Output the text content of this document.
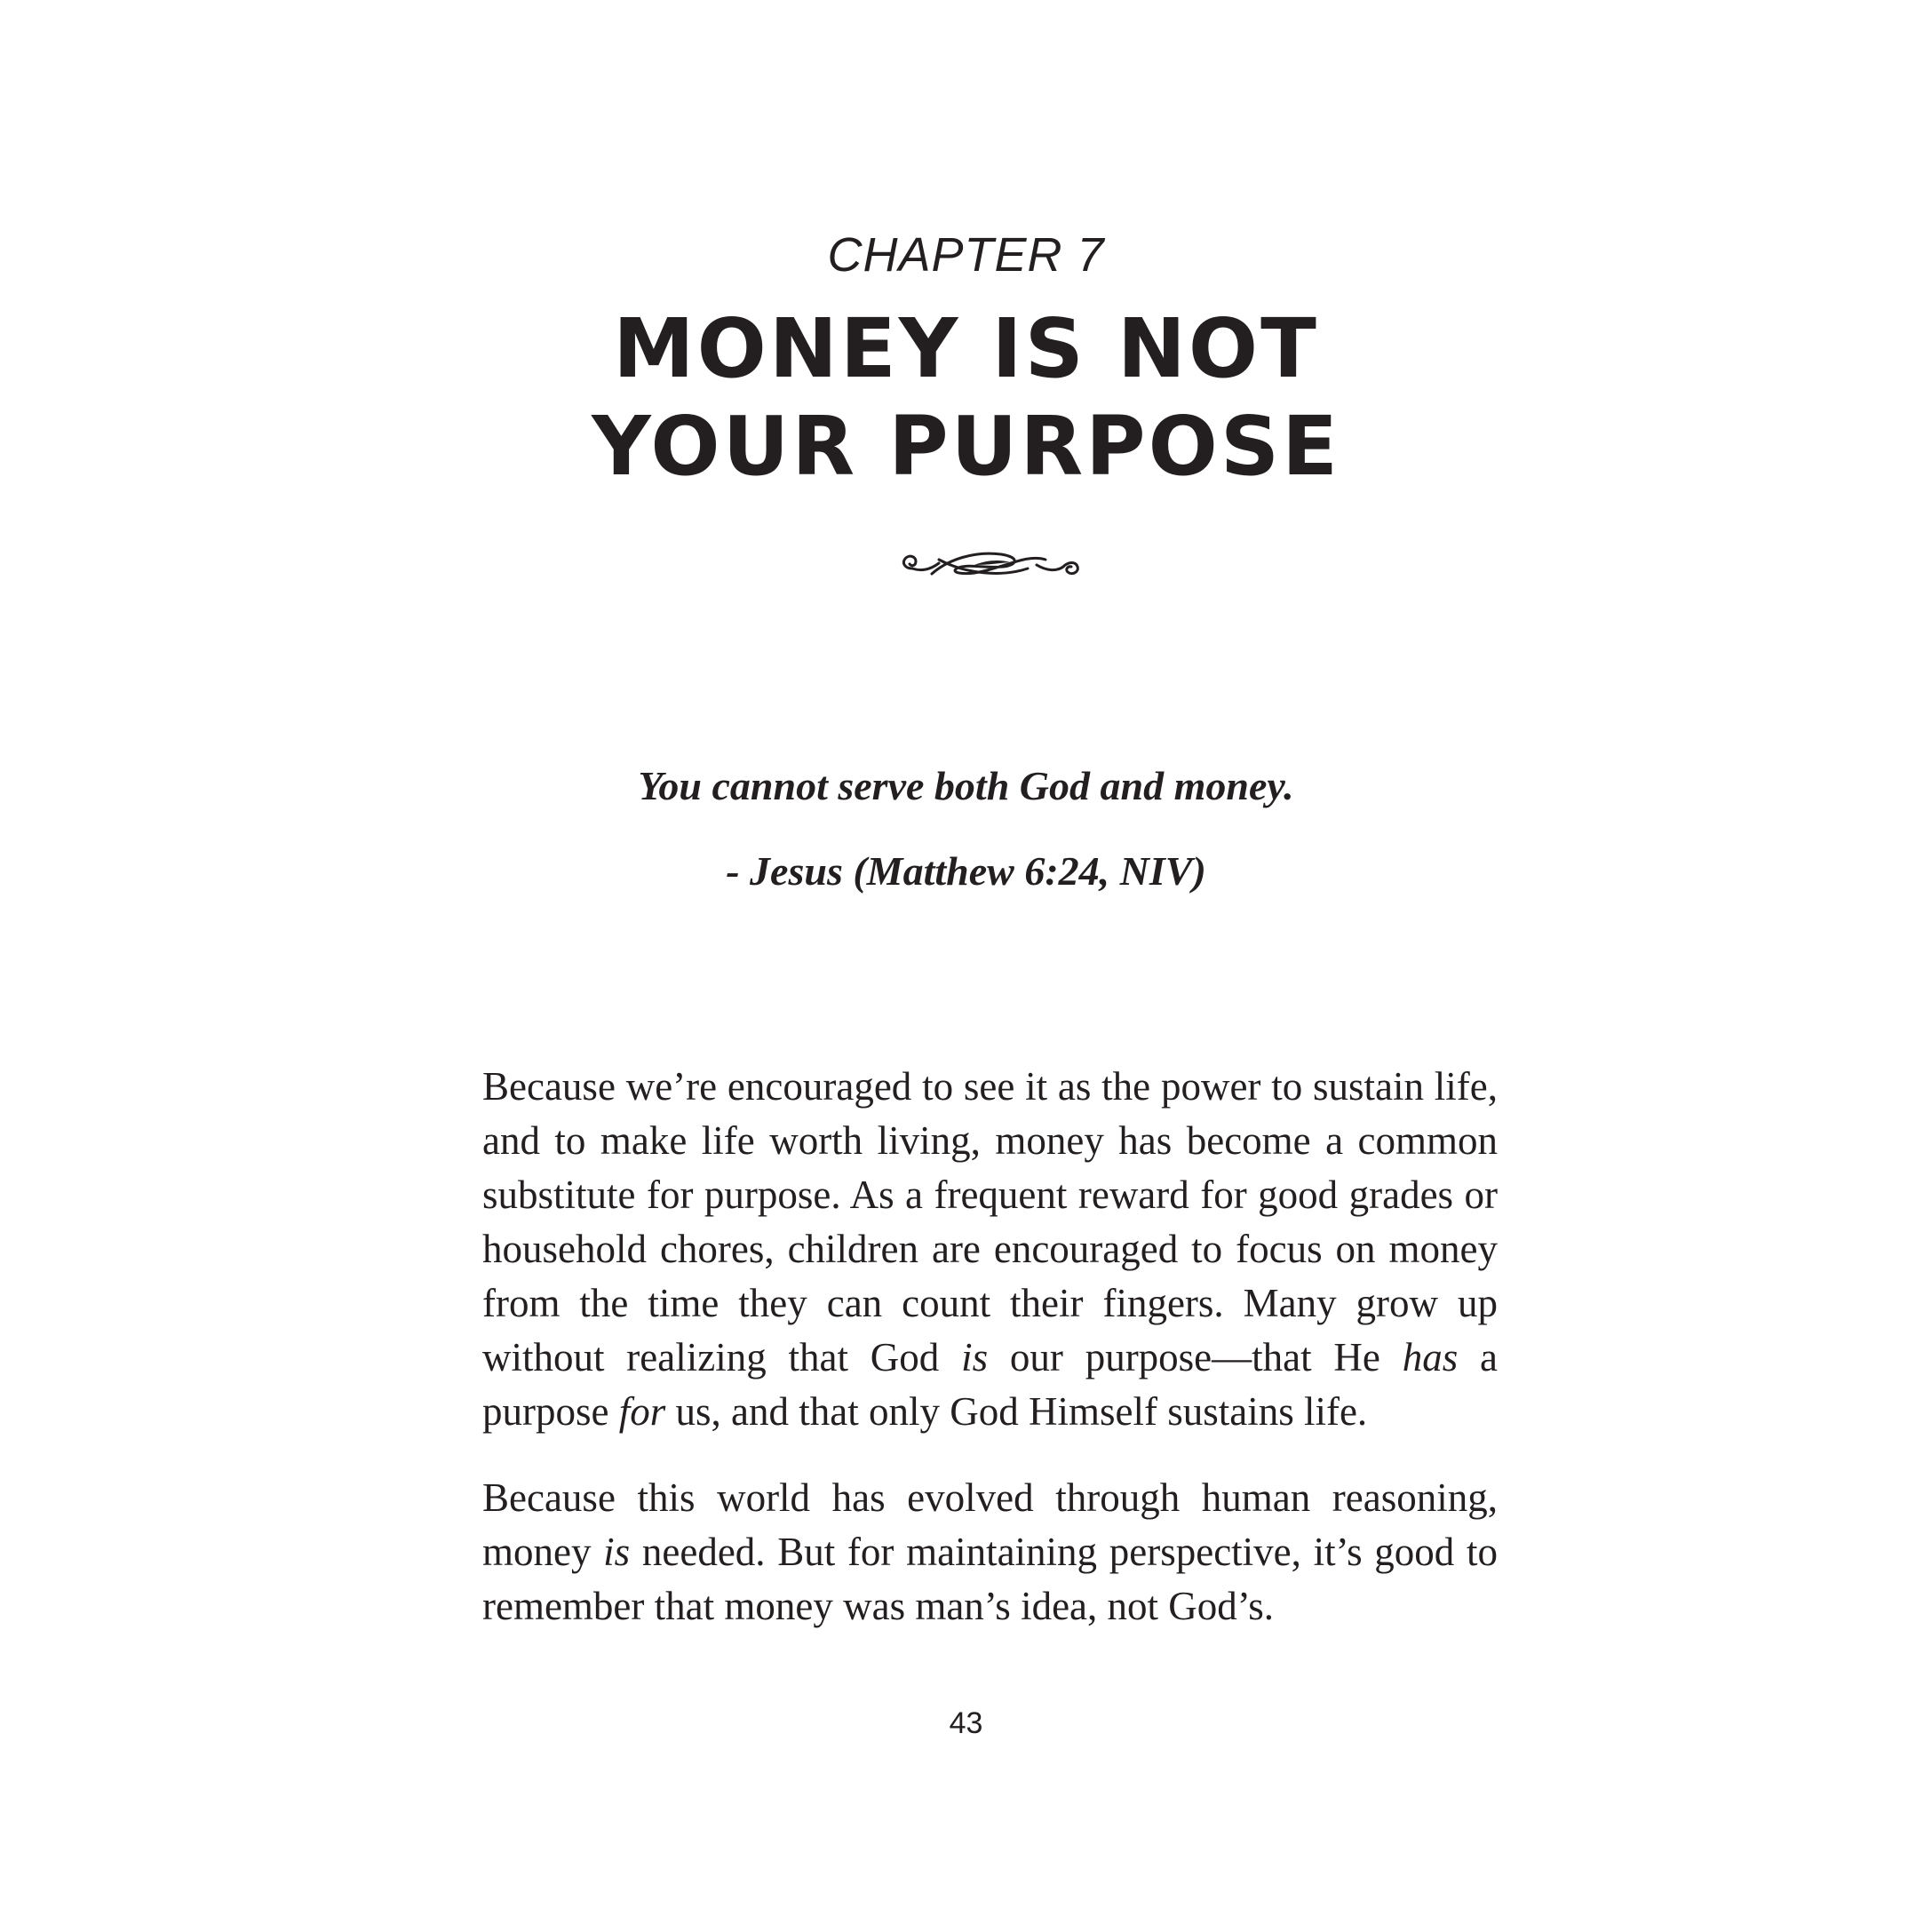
CHAPTER 7
MONEY IS NOT
YOUR PURPOSE
You cannot serve both God and money.
- Jesus (Matthew 6:24, NIV)

Because we’re encouraged to see it as the power to sustain life, and to make life worth living, money has become a common substitute for purpose. As a frequent reward for good grades or household chores, children are encouraged to focus on money from the time they can count their fingers. Many grow up without realizing that God is our purpose—that He has a purpose for us, and that only God Himself sustains life.

Because this world has evolved through human reasoning, money is needed. But for maintaining perspective, it’s good to remember that money was man’s idea, not God’s.

43
